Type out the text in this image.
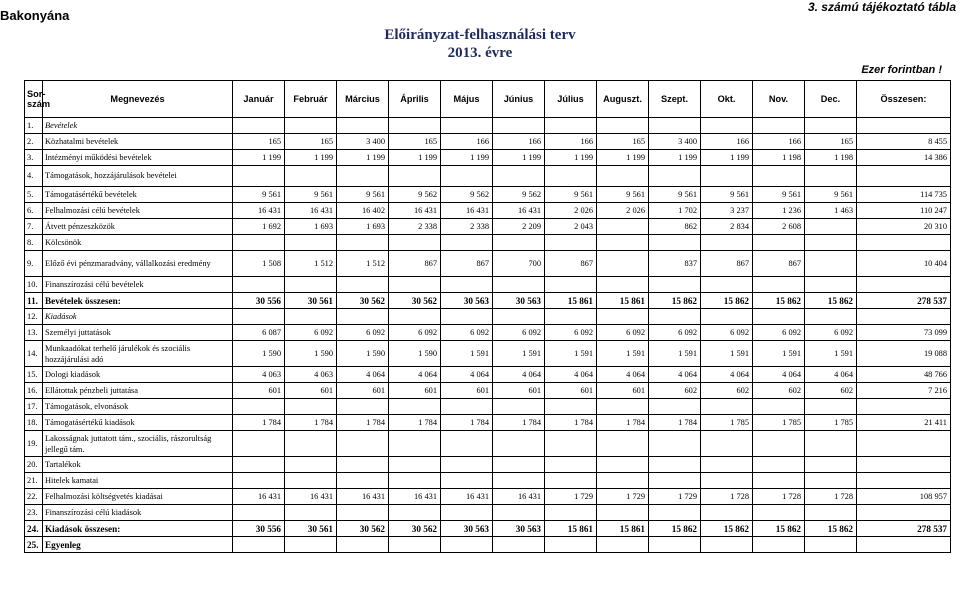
Bakonyánа
Előirányzat-felhasználási terv
2013. évre
3. számú tájékoztató tábla
Ezer forintban !
Sor-szám	Megnevezés	Január	Február	Március	Április	Május	Június	Július	Auguszt.	Szept.	Okt.	Nov.	Dec.	Összesen:
1.	Bevételek													
2.	Közhatalmi bevételek	165	165	3 400	165	166	166	166	165	3 400	166	166	165	8 455
3.	Intézményi működési bevételek	1 199	1 199	1 199	1 199	1 199	1 199	1 199	1 199	1 199	1 199	1 198	1 198	14 386
4.	Támogatások, hozzájárulások bevételei													
5.	Támogatásértékű bevételek	9 561	9 561	9 561	9 562	9 562	9 562	9 561	9 561	9 561	9 561	9 561	9 561	114 735
6.	Felhalmozási célú bevételek	16 431	16 431	16 402	16 431	16 431	16 431	2 026	2 026	1 702	3 237	1 236	1 463	110 247
7.	Átvett pénzeszközök	1 692	1 693	1 693	2 338	2 338	2 209	2 043		862	2 834	2 608		20 310
8.	Kölcsönök													
9.	Előző évi pénzmaradvány, vállalkozási eredmény	1 508	1 512	1 512	867	867	700	867		837	867	867		10 404
10.	Finanszírozási célú bevételek													
11.	Bevételek összesen:	30 556	30 561	30 562	30 562	30 563	30 563	15 861	15 861	15 862	15 862	15 862	15 862	278 537
12.	Kiadások													
13.	Személyi juttatások	6 087	6 092	6 092	6 092	6 092	6 092	6 092	6 092	6 092	6 092	6 092	6 092	73 099
14.	Munkaadókat terhelő járulékok és szociális hozzájárulási adó	1 590	1 590	1 590	1 590	1 591	1 591	1 591	1 591	1 591	1 591	1 591	1 591	19 088
15.	Dologi kiadások	4 063	4 063	4 064	4 064	4 064	4 064	4 064	4 064	4 064	4 064	4 064	4 064	48 766
16.	Ellátottak pénzbeli juttatása	601	601	601	601	601	601	601	601	602	602	602	602	7 216
17.	Támogatások, elvonások													
18.	Támogatásértékű kiadások	1 784	1 784	1 784	1 784	1 784	1 784	1 784	1 784	1 784	1 785	1 785	1 785	21 411
19.	Lakosságnak juttatott tám., szociális, rászorultság jellegű tám.													
20.	Tartalékok													
21.	Hitelek kamatai													
22.	Felhalmozási költségvetés kiadásai	16 431	16 431	16 431	16 431	16 431	16 431	1 729	1 729	1 729	1 728	1 728	1 728	108 957
23.	Finanszírozási célú kiadások													
24.	Kiadások összesen:	30 556	30 561	30 562	30 562	30 563	30 563	15 861	15 861	15 862	15 862	15 862	15 862	278 537
25.	Egyenleg													
